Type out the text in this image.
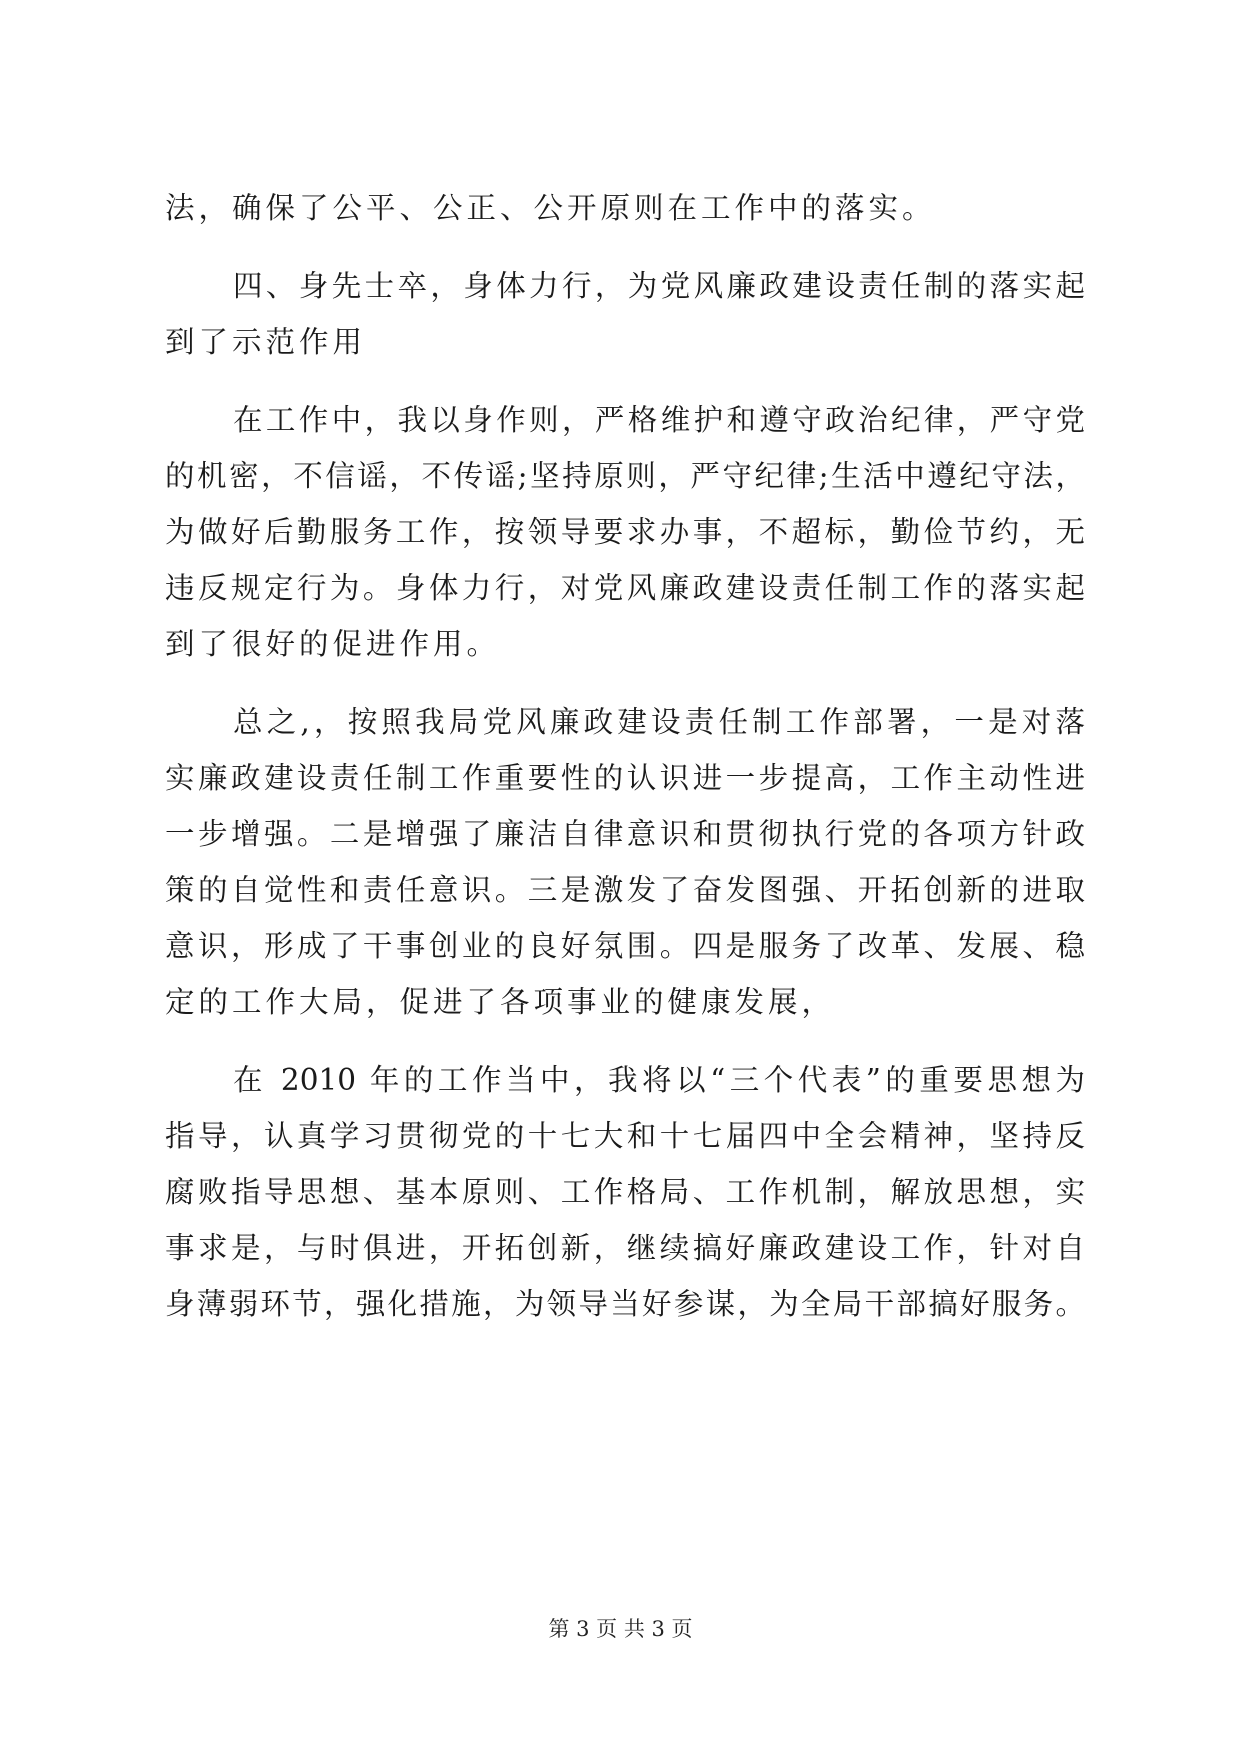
法，确保了公平、公正、公开原则在工作中的落实。
四、身先士卒，身体力行，为党风廉政建设责任制的落实起
到了示范作用
在工作中，我以身作则，严格维护和遵守政治纪律，严守党
的机密，不信谣，不传谣;坚持原则，严守纪律;生活中遵纪守法，
为做好后勤服务工作，按领导要求办事，不超标，勤俭节约，无
违反规定行为。身体力行，对党风廉政建设责任制工作的落实起
到了很好的促进作用。
总之,，按照我局党风廉政建设责任制工作部署，一是对落
实廉政建设责任制工作重要性的认识进一步提高，工作主动性进
一步增强。二是增强了廉洁自律意识和贯彻执行党的各项方针政
策的自觉性和责任意识。三是激发了奋发图强、开拓创新的进取
意识，形成了干事创业的良好氛围。四是服务了改革、发展、稳
定的工作大局，促进了各项事业的健康发展，
在 2010 年的工作当中，我将以“三个代表”的重要思想为
指导，认真学习贯彻党的十七大和十七届四中全会精神，坚持反
腐败指导思想、基本原则、工作格局、工作机制，解放思想，实
事求是，与时俱进，开拓创新，继续搞好廉政建设工作，针对自
身薄弱环节，强化措施，为领导当好参谋，为全局干部搞好服务。
第 3 页 共 3 页
